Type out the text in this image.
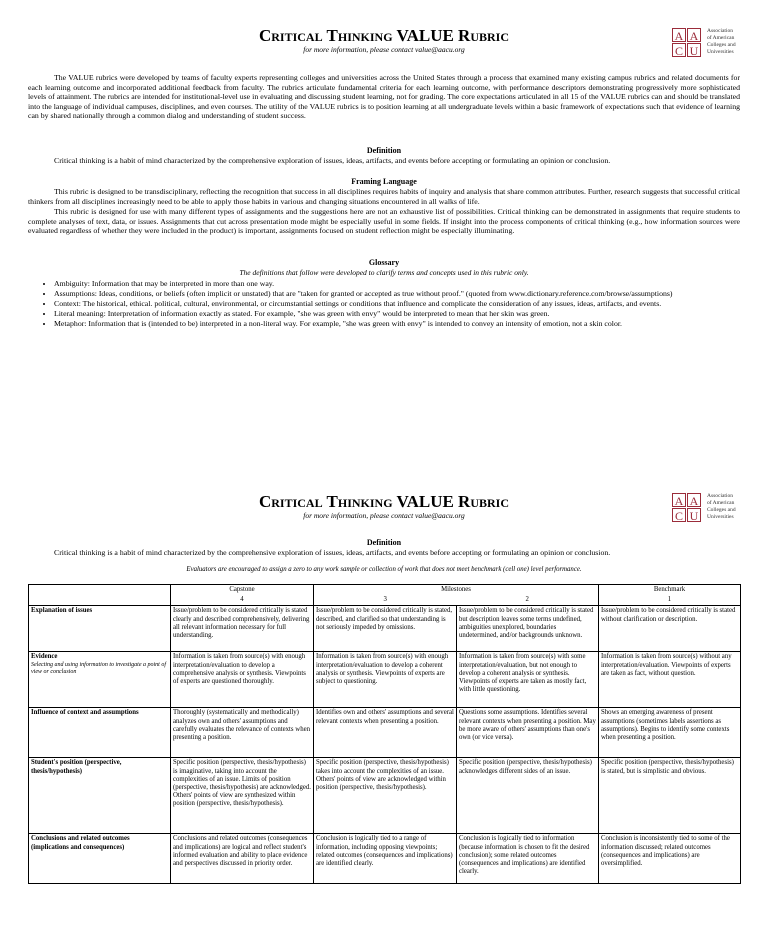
Critical Thinking VALUE Rubric
for more information, please contact value@aacu.org
A A
C U
Association of American Colleges and Universities
The VALUE rubrics were developed by teams of faculty experts representing colleges and universities across the United States through a process that examined many existing campus rubrics and related documents for each learning outcome and incorporated additional feedback from faculty. The rubrics articulate fundamental criteria for each learning outcome, with performance descriptors demonstrating progressively more sophisticated levels of attainment. The rubrics are intended for institutional-level use in evaluating and discussing student learning, not for grading. The core expectations articulated in all 15 of the VALUE rubrics can and should be translated into the language of individual campuses, disciplines, and even courses. The utility of the VALUE rubrics is to position learning at all undergraduate levels within a basic framework of expectations such that evidence of learning can by shared nationally through a common dialog and understanding of student success.
Definition
Critical thinking is a habit of mind characterized by the comprehensive exploration of issues, ideas, artifacts, and events before accepting or formulating an opinion or conclusion.
Framing Language
This rubric is designed to be transdisciplinary, reflecting the recognition that success in all disciplines requires habits of inquiry and analysis that share common attributes. Further, research suggests that successful critical thinkers from all disciplines increasingly need to be able to apply those habits in various and changing situations encountered in all walks of life.
This rubric is designed for use with many different types of assignments and the suggestions here are not an exhaustive list of possibilities. Critical thinking can be demonstrated in assignments that require students to complete analyses of text, data, or issues. Assignments that cut across presentation mode might be especially useful in some fields. If insight into the process components of critical thinking (e.g., how information sources were evaluated regardless of whether they were included in the product) is important, assignments focused on student reflection might be especially illuminating.
Glossary
The definitions that follow were developed to clarify terms and concepts used in this rubric only.
• Ambiguity: Information that may be interpreted in more than one way.
• Assumptions: Ideas, conditions, or beliefs (often implicit or unstated) that are "taken for granted or accepted as true without proof." (quoted from www.dictionary.reference.com/browse/assumptions)
• Context: The historical, ethical. political, cultural, environmental, or circumstantial settings or conditions that influence and complicate the consideration of any issues, ideas, artifacts, and events.
• Literal meaning: Interpretation of information exactly as stated. For example, "she was green with envy" would be interpreted to mean that her skin was green.
• Metaphor: Information that is (intended to be) interpreted in a non-literal way. For example, "she was green with envy" is intended to convey an intensity of emotion, not a skin color.
Critical Thinking VALUE Rubric
for more information, please contact value@aacu.org
A A
C U
Association of American Colleges and Universities
Definition
Critical thinking is a habit of mind characterized by the comprehensive exploration of issues, ideas, artifacts, and events before accepting or formulating an opinion or conclusion.
Evaluators are encouraged to assign a zero to any work sample or collection of work that does not meet benchmark (cell one) level performance.
	Capstone	Milestones		Benchmark
	4	3	2	1
Explanation of issues	Issue/problem to be considered critically is stated clearly and described comprehensively, delivering all relevant information necessary for full understanding.	Issue/problem to be considered critically is stated, described, and clarified so that understanding is not seriously impeded by omissions.	Issue/problem to be considered critically is stated but description leaves some terms undefined, ambiguities unexplored, boundaries undetermined, and/or backgrounds unknown.	Issue/problem to be considered critically is stated without clarification or description.
Evidence
Selecting and using information to investigate a point of view or conclusion	Information is taken from source(s) with enough interpretation/evaluation to develop a comprehensive analysis or synthesis. Viewpoints of experts are questioned thoroughly.	Information is taken from source(s) with enough interpretation/evaluation to develop a coherent analysis or synthesis. Viewpoints of experts are subject to questioning.	Information is taken from source(s) with some interpretation/evaluation, but not enough to develop a coherent analysis or synthesis. Viewpoints of experts are taken as mostly fact, with little questioning.	Information is taken from source(s) without any interpretation/evaluation. Viewpoints of experts are taken as fact, without question.
Influence of context and assumptions	Thoroughly (systematically and methodically) analyzes own and others' assumptions and carefully evaluates the relevance of contexts when presenting a position.	Identifies own and others' assumptions and several relevant contexts when presenting a position.	Questions some assumptions. Identifies several relevant contexts when presenting a position. May be more aware of others' assumptions than one's own (or vice versa).	Shows an emerging awareness of present assumptions (sometimes labels assertions as assumptions). Begins to identify some contexts when presenting a position.
Student's position (perspective, thesis/hypothesis)	Specific position (perspective, thesis/hypothesis) is imaginative, taking into account the complexities of an issue. Limits of position (perspective, thesis/hypothesis) are acknowledged. Others' points of view are synthesized within position (perspective, thesis/hypothesis).	Specific position (perspective, thesis/hypothesis) takes into account the complexities of an issue. Others' points of view are acknowledged within position (perspective, thesis/hypothesis).	Specific position (perspective, thesis/hypothesis) acknowledges different sides of an issue.	Specific position (perspective, thesis/hypothesis) is stated, but is simplistic and obvious.
Conclusions and related outcomes (implications and consequences)	Conclusions and related outcomes (consequences and implications) are logical and reflect student's informed evaluation and ability to place evidence and perspectives discussed in priority order.	Conclusion is logically tied to a range of information, including opposing viewpoints; related outcomes (consequences and implications) are identified clearly.	Conclusion is logically tied to information (because information is chosen to fit the desired conclusion); some related outcomes (consequences and implications) are identified clearly.	Conclusion is inconsistently tied to some of the information discussed; related outcomes (consequences and implications) are oversimplified.
